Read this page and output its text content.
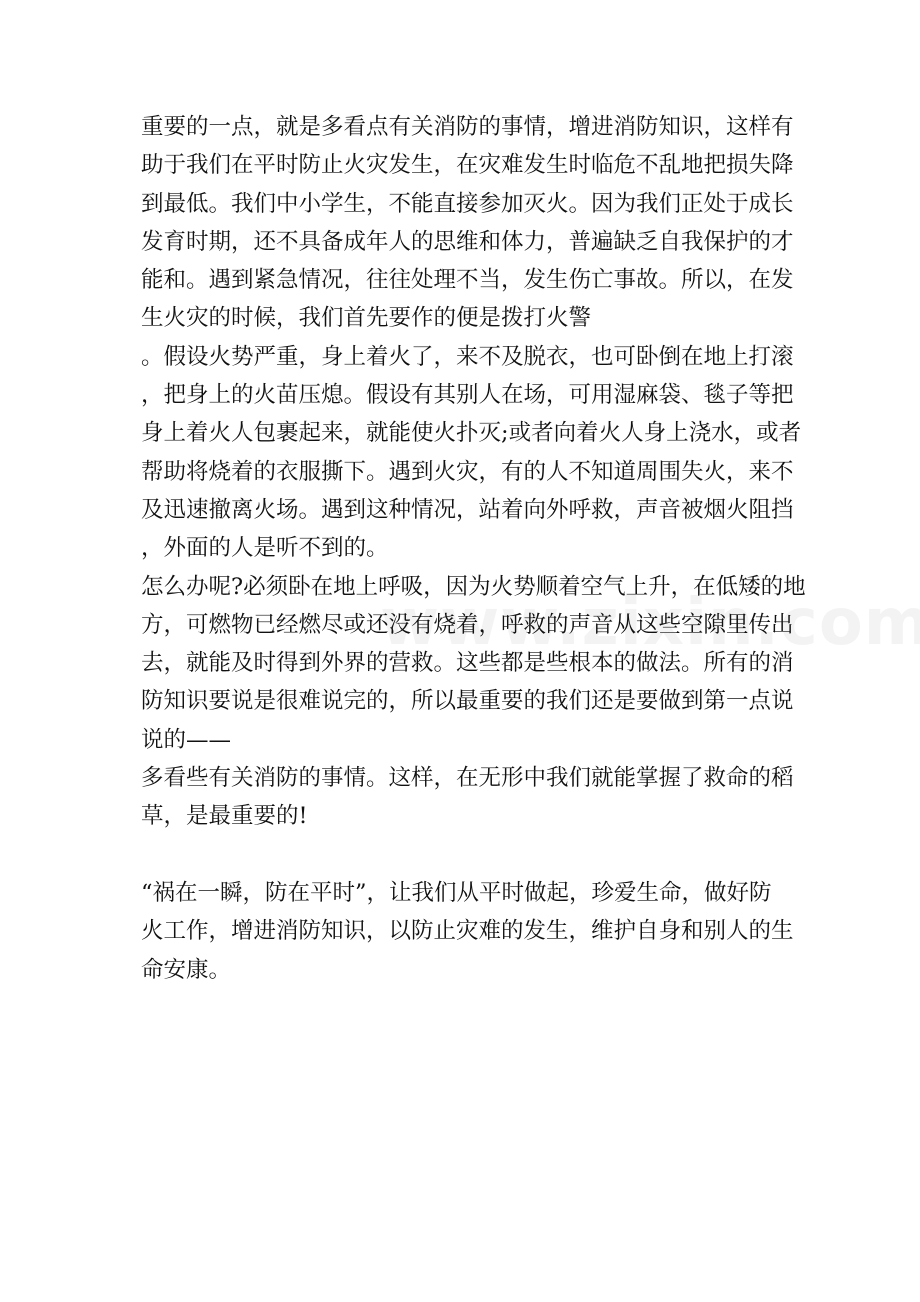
重要的一点，就是多看点有关消防的事情，增进消防知识，这样有
助于我们在平时防止火灾发生，在灾难发生时临危不乱地把损失降
到最低。我们中小学生，不能直接参加灭火。因为我们正处于成长
发育时期，还不具备成年人的思维和体力，普遍缺乏自我保护的才
能和。遇到紧急情况，往往处理不当，发生伤亡事故。所以，在发
生火灾的时候，我们首先要作的便是拨打火警
。假设火势严重，身上着火了，来不及脱衣，也可卧倒在地上打滚
，把身上的火苗压熄。假设有其别人在场，可用湿麻袋、毯子等把
身上着火人包裹起来，就能使火扑灭;或者向着火人身上浇水，或者
帮助将烧着的衣服撕下。遇到火灾，有的人不知道周围失火，来不
及迅速撤离火场。遇到这种情况，站着向外呼救，声音被烟火阻挡
，外面的人是听不到的。
怎么办呢?必须卧在地上呼吸，因为火势顺着空气上升，在低矮的地
方，可燃物已经燃尽或还没有烧着，呼救的声音从这些空隙里传出
去，就能及时得到外界的营救。这些都是些根本的做法。所有的消
防知识要说是很难说完的，所以最重要的我们还是要做到第一点说
说的——
多看些有关消防的事情。这样，在无形中我们就能掌握了救命的稻
草，是最重要的!
“祸在一瞬，防在平时”，让我们从平时做起，珍爱生命，做好防
火工作，增进消防知识，以防止灾难的发生，维护自身和别人的生
命安康。
